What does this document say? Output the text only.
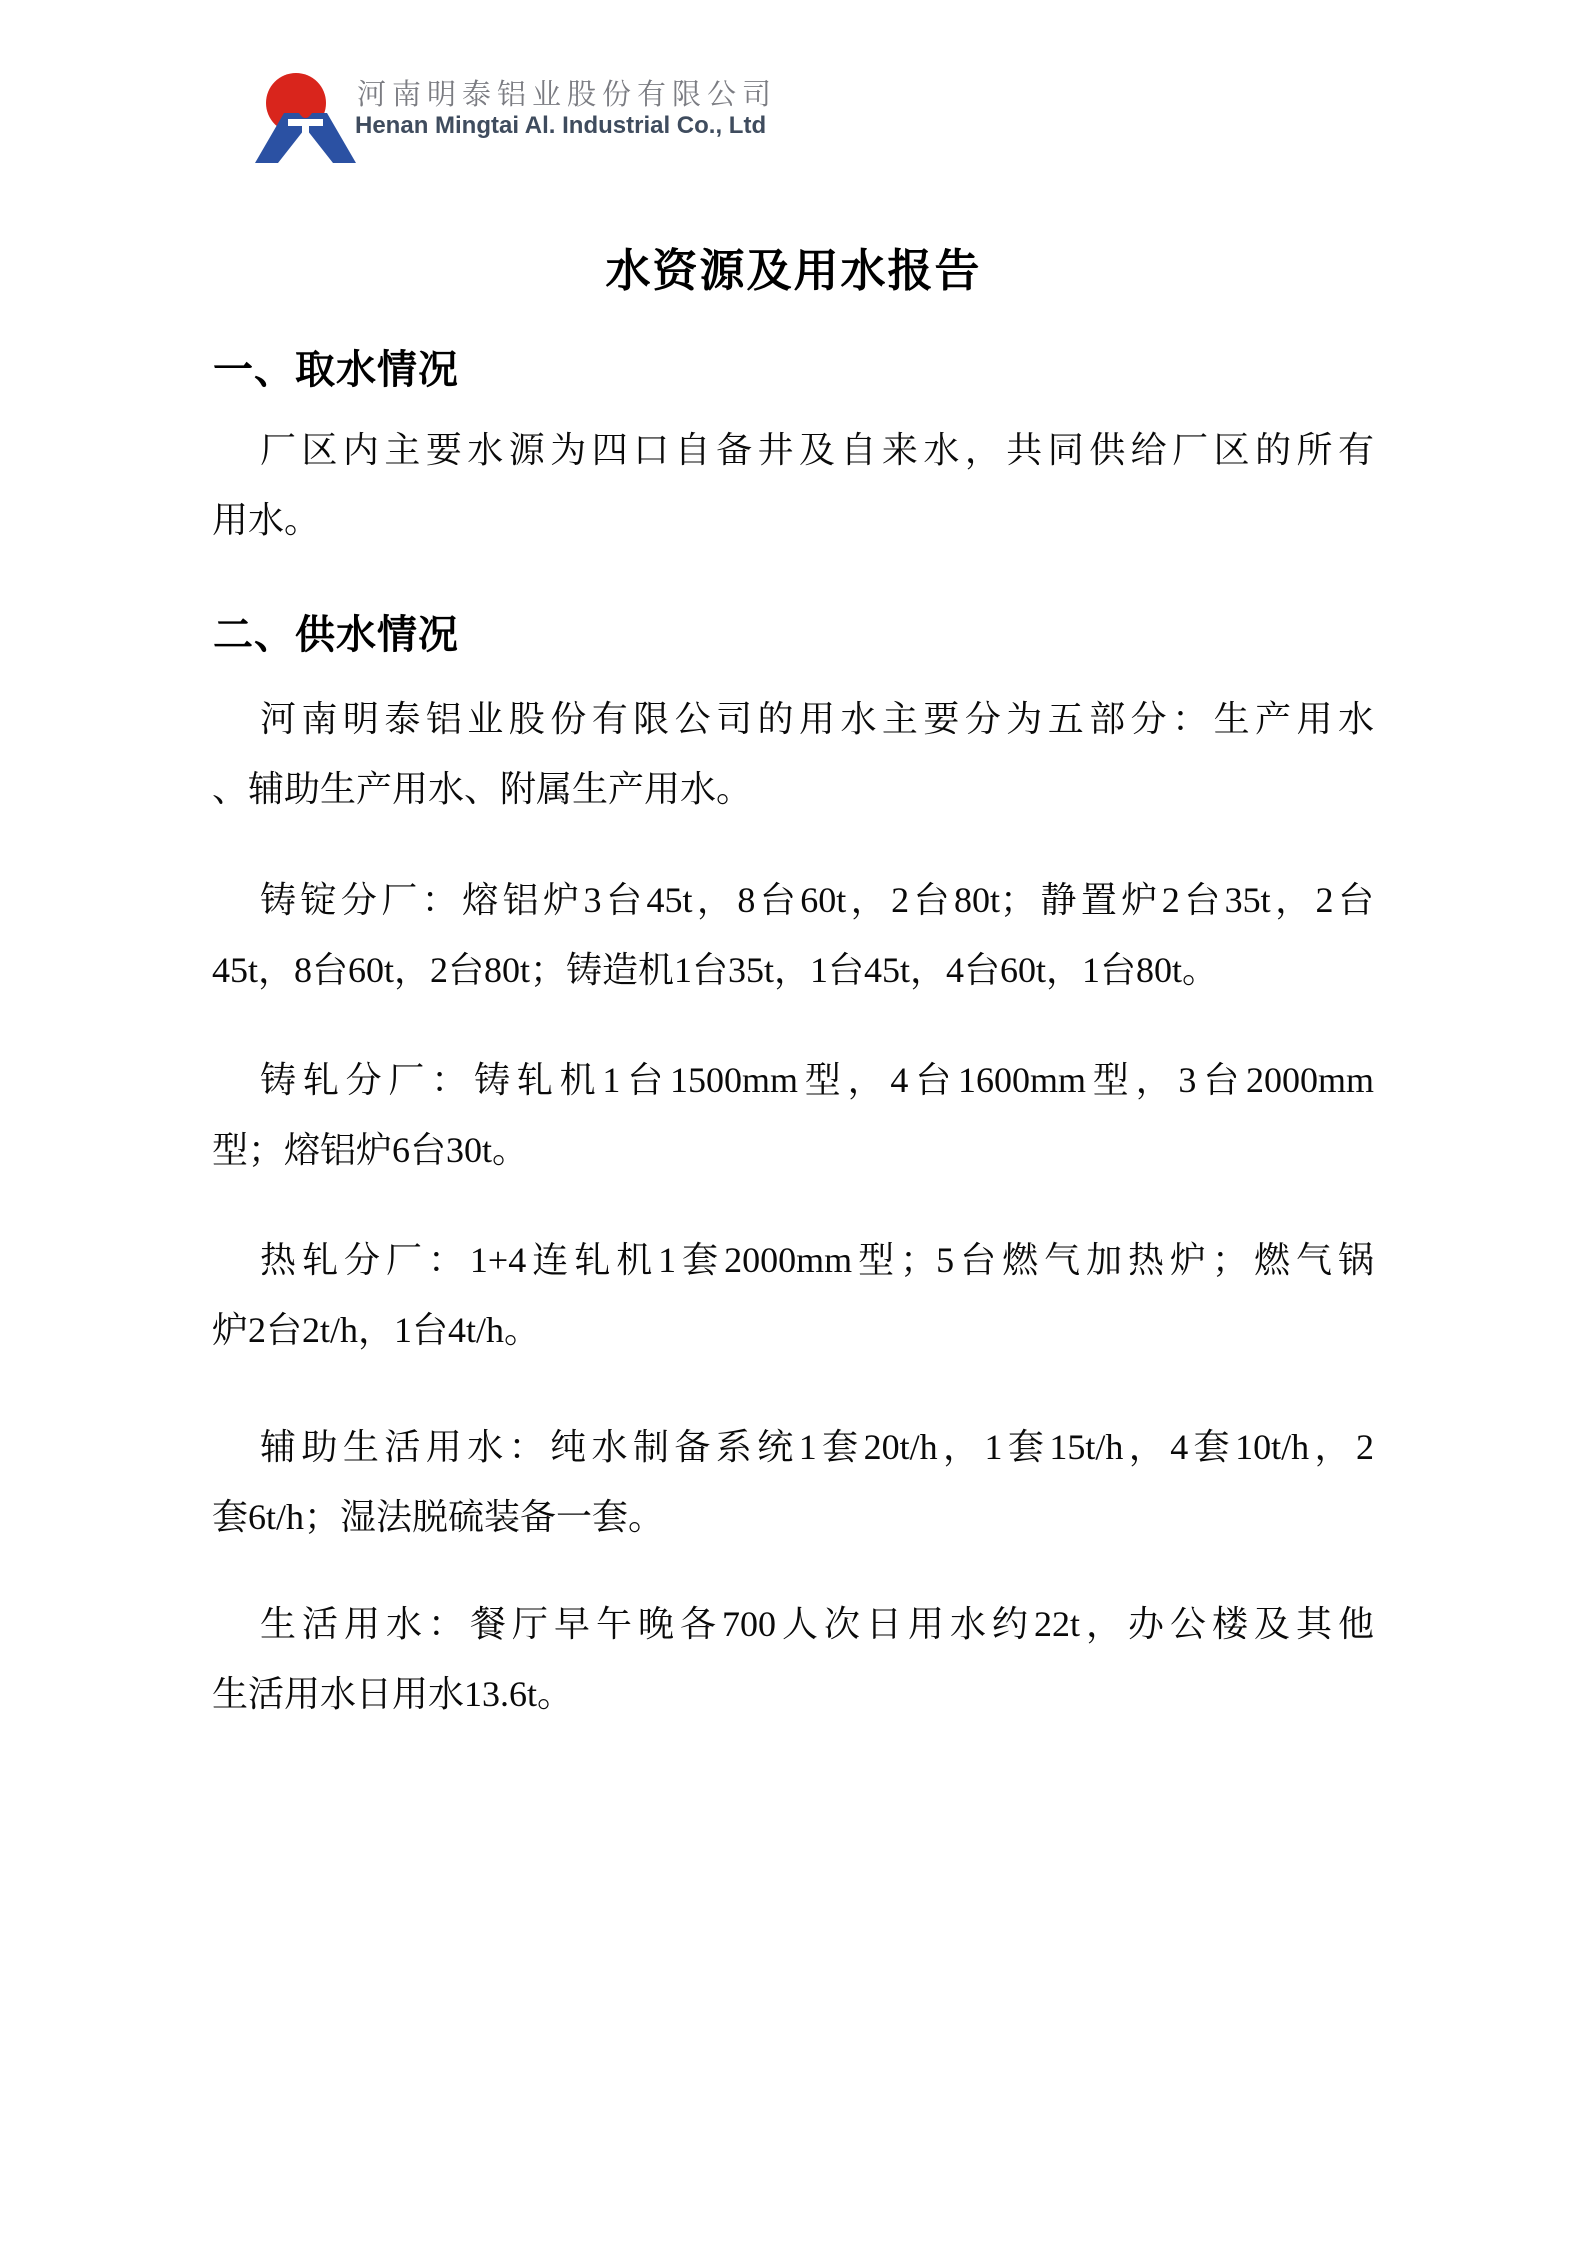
河南明泰铝业股份有限公司
Henan Mingtai Al. Industrial Co., Ltd
水资源及用水报告
一、取水情况
厂区内主要水源为四口自备井及自来水，共同供给厂区的所有
用水。
二、供水情况
河南明泰铝业股份有限公司的用水主要分为五部分：生产用水
、辅助生产用水、附属生产用水。
铸锭分厂：熔铝炉3台45t，8台60t，2台80t；静置炉2台35t，2台
45t，8台60t，2台80t；铸造机1台35t，1台45t，4台60t，1台80t。
铸轧分厂：铸轧机1台1500mm型，4台1600mm型，3台2000mm
型；熔铝炉6台30t。
热轧分厂：1+4连轧机1套2000mm型；5台燃气加热炉；燃气锅
炉2台2t/h，1台4t/h。
辅助生活用水：纯水制备系统1套20t/h，1套15t/h，4套10t/h，2
套6t/h；湿法脱硫装备一套。
生活用水：餐厅早午晚各700人次日用水约22t，办公楼及其他
生活用水日用水13.6t。
